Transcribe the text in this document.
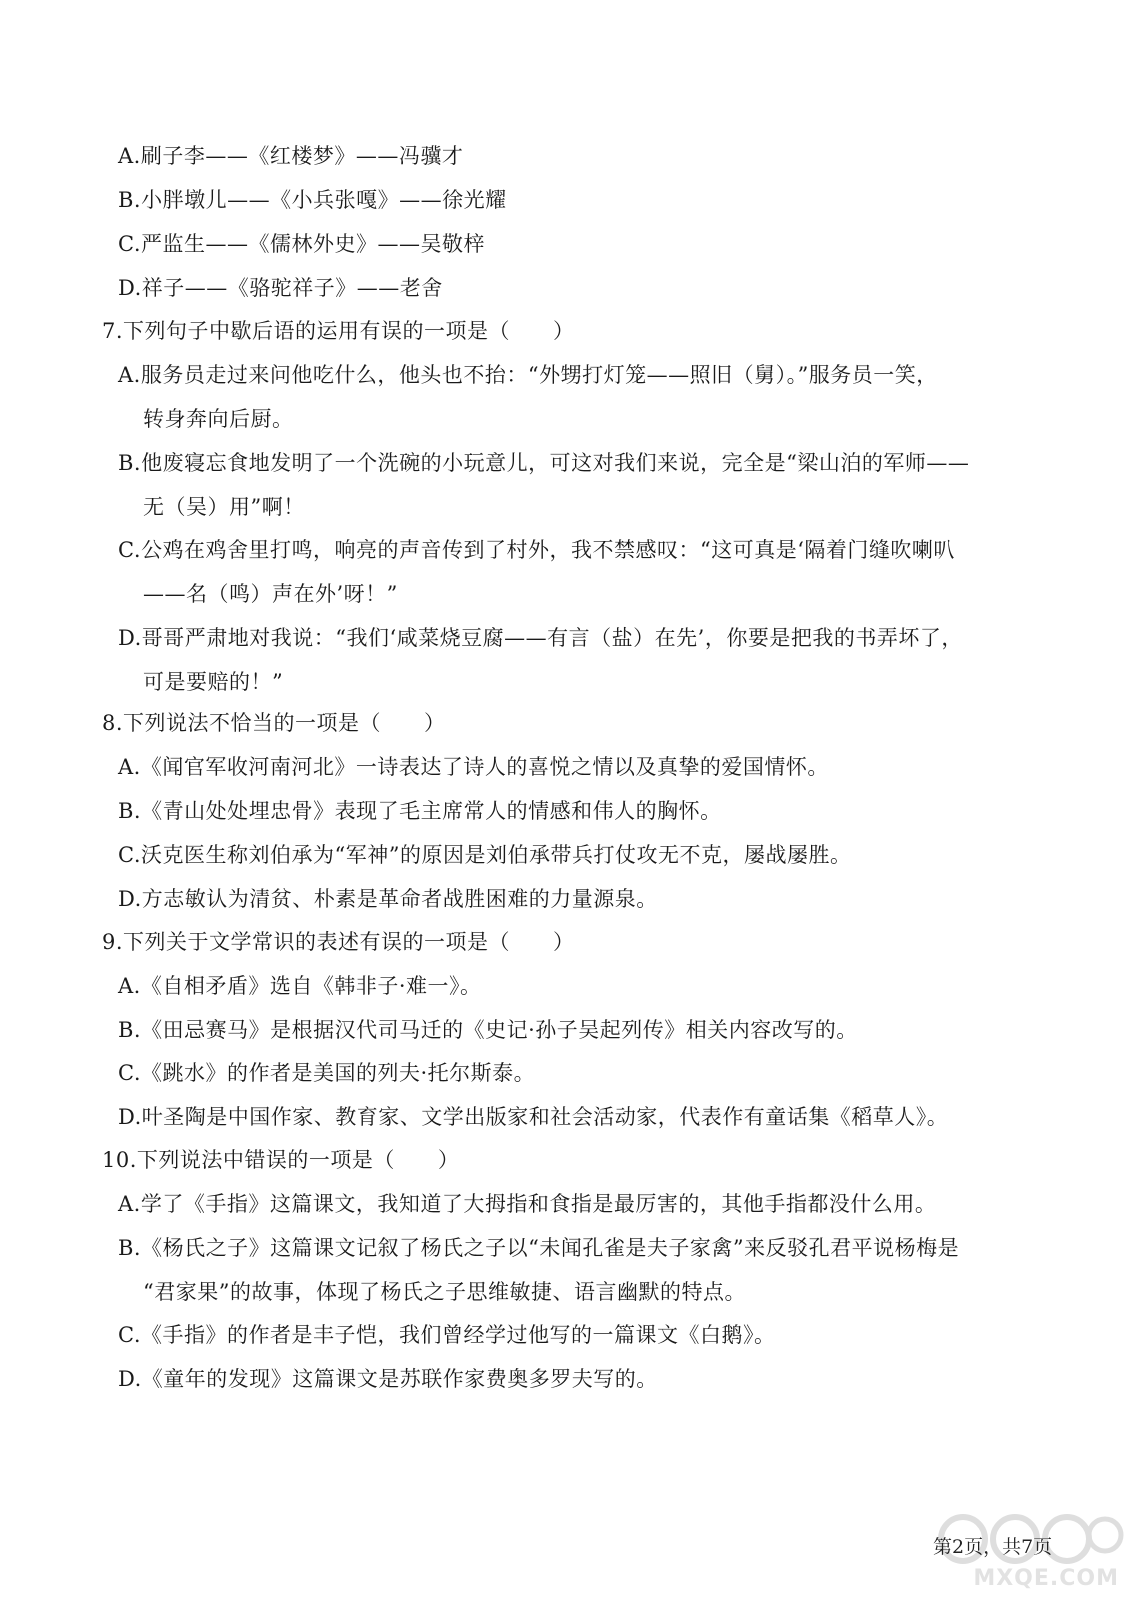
A.刷子李——《红楼梦》——冯骥才
B.小胖墩儿——《小兵张嘎》——徐光耀
C.严监生——《儒林外史》——吴敬梓
D.祥子——《骆驼祥子》——老舍
7.下列句子中歇后语的运用有误的一项是（　　）
A.服务员走过来问他吃什么，他头也不抬：“外甥打灯笼——照旧（舅）。”服务员一笑，
转身奔向后厨。
B.他废寝忘食地发明了一个洗碗的小玩意儿，可这对我们来说，完全是“梁山泊的军师——
无（吴）用”啊！
C.公鸡在鸡舍里打鸣，响亮的声音传到了村外，我不禁感叹：“这可真是‘隔着门缝吹喇叭
——名（鸣）声在外’呀！”
D.哥哥严肃地对我说：“我们‘咸菜烧豆腐——有言（盐）在先’，你要是把我的书弄坏了，
可是要赔的！”
8.下列说法不恰当的一项是（　　）
A.《闻官军收河南河北》一诗表达了诗人的喜悦之情以及真挚的爱国情怀。
B.《青山处处埋忠骨》表现了毛主席常人的情感和伟人的胸怀。
C.沃克医生称刘伯承为“军神”的原因是刘伯承带兵打仗攻无不克，屡战屡胜。
D.方志敏认为清贫、朴素是革命者战胜困难的力量源泉。
9.下列关于文学常识的表述有误的一项是（　　）
A.《自相矛盾》选自《韩非子·难一》。
B.《田忌赛马》是根据汉代司马迁的《史记·孙子吴起列传》相关内容改写的。
C.《跳水》的作者是美国的列夫·托尔斯泰。
D.叶圣陶是中国作家、教育家、文学出版家和社会活动家，代表作有童话集《稻草人》。
10.下列说法中错误的一项是（　　）
A.学了《手指》这篇课文，我知道了大拇指和食指是最厉害的，其他手指都没什么用。
B.《杨氏之子》这篇课文记叙了杨氏之子以“未闻孔雀是夫子家禽”来反驳孔君平说杨梅是
“君家果”的故事，体现了杨氏之子思维敏捷、语言幽默的特点。
C.《手指》的作者是丰子恺，我们曾经学过他写的一篇课文《白鹅》。
D.《童年的发现》这篇课文是苏联作家费奥多罗夫写的。
MXQE.COM
第2页，共7页
